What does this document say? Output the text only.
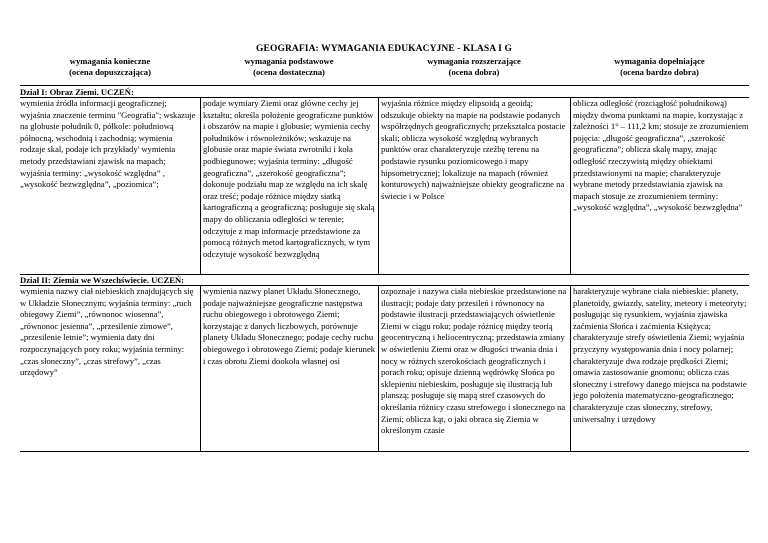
GEOGRAFIA: WYMAGANIA EDUKACYJNE - KLASA I G
wymagania konieczne
(ocena dopuszczająca)
wymagania podstawowe
(ocena dostateczna)
wymagania rozszerzające
(ocena dobra)
wymagania dopełniające
(ocena bardzo dobra)
Dział I: Obraz Ziemi. UCZEŃ:
wymienia źródła informacji geograficznej; wyjaśnia znaczenie terminu "Geografia"; wskazuje na globusie południk 0, półkole: południową północną, wschodnią i zachodnią; wymienia rodzaje skal, podaje ich przykłady' wymienia metody przedstawiani zjawisk na mapach; wyjaśnia terminy: „wysokość względna” , „wysokość bezwzględna”, „poziomica”;
podaje wymiary Ziemi oraz główne cechy jej kształtu; określa położenie geograficzne punktów i obszarów na mapie i globusie; wymienia cechy południków i równoleżników; wskazuje na globusie oraz mapie świata zwrotniki i koła podbiegunowe; wyjaśnia terminy: „długość geograficzna”, „szerokość geograficzna”; dokonuje podziału map ze względu na ich skalę oraz treść; podaje różnice między siatką kartograficzną a geograficzną; posługuje się skalą mapy do obliczania odległości w terenie; odczytuje z map informacje przedstawione za pomocą różnych metod kartograficznych, w tym odczytuje wysokość bezwzględną
wyjaśnia różnice między elipsoidą a geoidą; odszukuje obiekty na mapie na podstawie podanych współrzędnych geograficznych; przekształca postacie skali; oblicza wysokość względną wybranych punktów oraz charakteryzuje rzeźbę terenu na podstawie rysunku poziomicowego i mapy hipsometrycznej; lokalizuje na mapach (również konturowych) najważniejsze obiekty geograficzne na świecie i w Polsce
oblicza odległość (rozciągłość południkową) między dwoma punktami na mapie, korzystając z zależności 1° – 111,2 km; stosuje ze zrozumieniem pojęcia: „długość geograficzna”, „szerokość geograficzna”; oblicza skalę mapy, znając odległość rzeczywistą między obiektami przedstawionymi na mapie; charakteryzuje wybrane metody przedstawiania zjawisk na mapach stosuje ze zrozumieniem terminy: „wysokość względna”, „wysokość bezwzględna”
Dział II: Ziemia we Wszechświecie. UCZEŃ:
wymienia nazwy ciał niebieskich znajdujących się w Układzie Słonecznym; wyjaśnia terminy: „ruch obiegowy Ziemi”, „równonoc wiosenna”, „równonoc jesienna”, „przesilenie zimowe”, „przesilenie letnie”; wymienia daty dni rozpoczynających pory roku; wyjaśnia terminy: „czas słoneczny”, „czas strefowy”, „czas urzędowy”
wymienia nazwy planet Układu Słonecznego, podaje najważniejsze geograficzne następstwa ruchu obiegowego i obrotowego Ziemi; korzystając z danych liczbowych, porównuje planety Układu Słonecznego; podaje cechy ruchu obiegowego i obrotowego Ziemi; podaje kierunek i czas obrotu Ziemi dookoła własnej osi
ozpoznaje i nazywa ciała niebieskie przedstawione na ilustracji; podaje daty przesileń i równonocy na podstawie ilustracji przedstawiających oświetlenie Ziemi w ciągu roku; podaje różnicę między teorią geocentryczną i heliocentryczną; przedstawia zmiany w oświetleniu Ziemi oraz w długości trwania dnia i nocy w różnych szerokościach geograficznych i porach roku; opisuje dzienną wędrówkę Słońca po sklepieniu niebieskim, posługuje się ilustracją lub planszą; posługuje się mapą stref czasowych do określania różnicy czasu strefowego i słonecznego na Ziemi; oblicza kąt, o jaki obraca się Ziemia w określonym czasie
harakteryzuje wybrane ciała niebieskie: planety, planetoidy, gwiazdy, satelity, meteory i meteoryty; posługując się rysunkiem, wyjaśnia zjawiska zaćmienia Słońca i zaćmienia Księżyca; charakteryzuje strefy oświetlenia Ziemi; wyjaśnia przyczyny występowania dnia i nocy polarnej; charakteryzuje dwa rodzaje prędkości Ziemi; omawia zastosowanie gnomonu; oblicza czas słoneczny i strefowy danego miejsca na podstawie jego położenia matematyczno-geograficznego; charakteryzuje czas słoneczny, strefowy, uniwersalny i urzędowy
